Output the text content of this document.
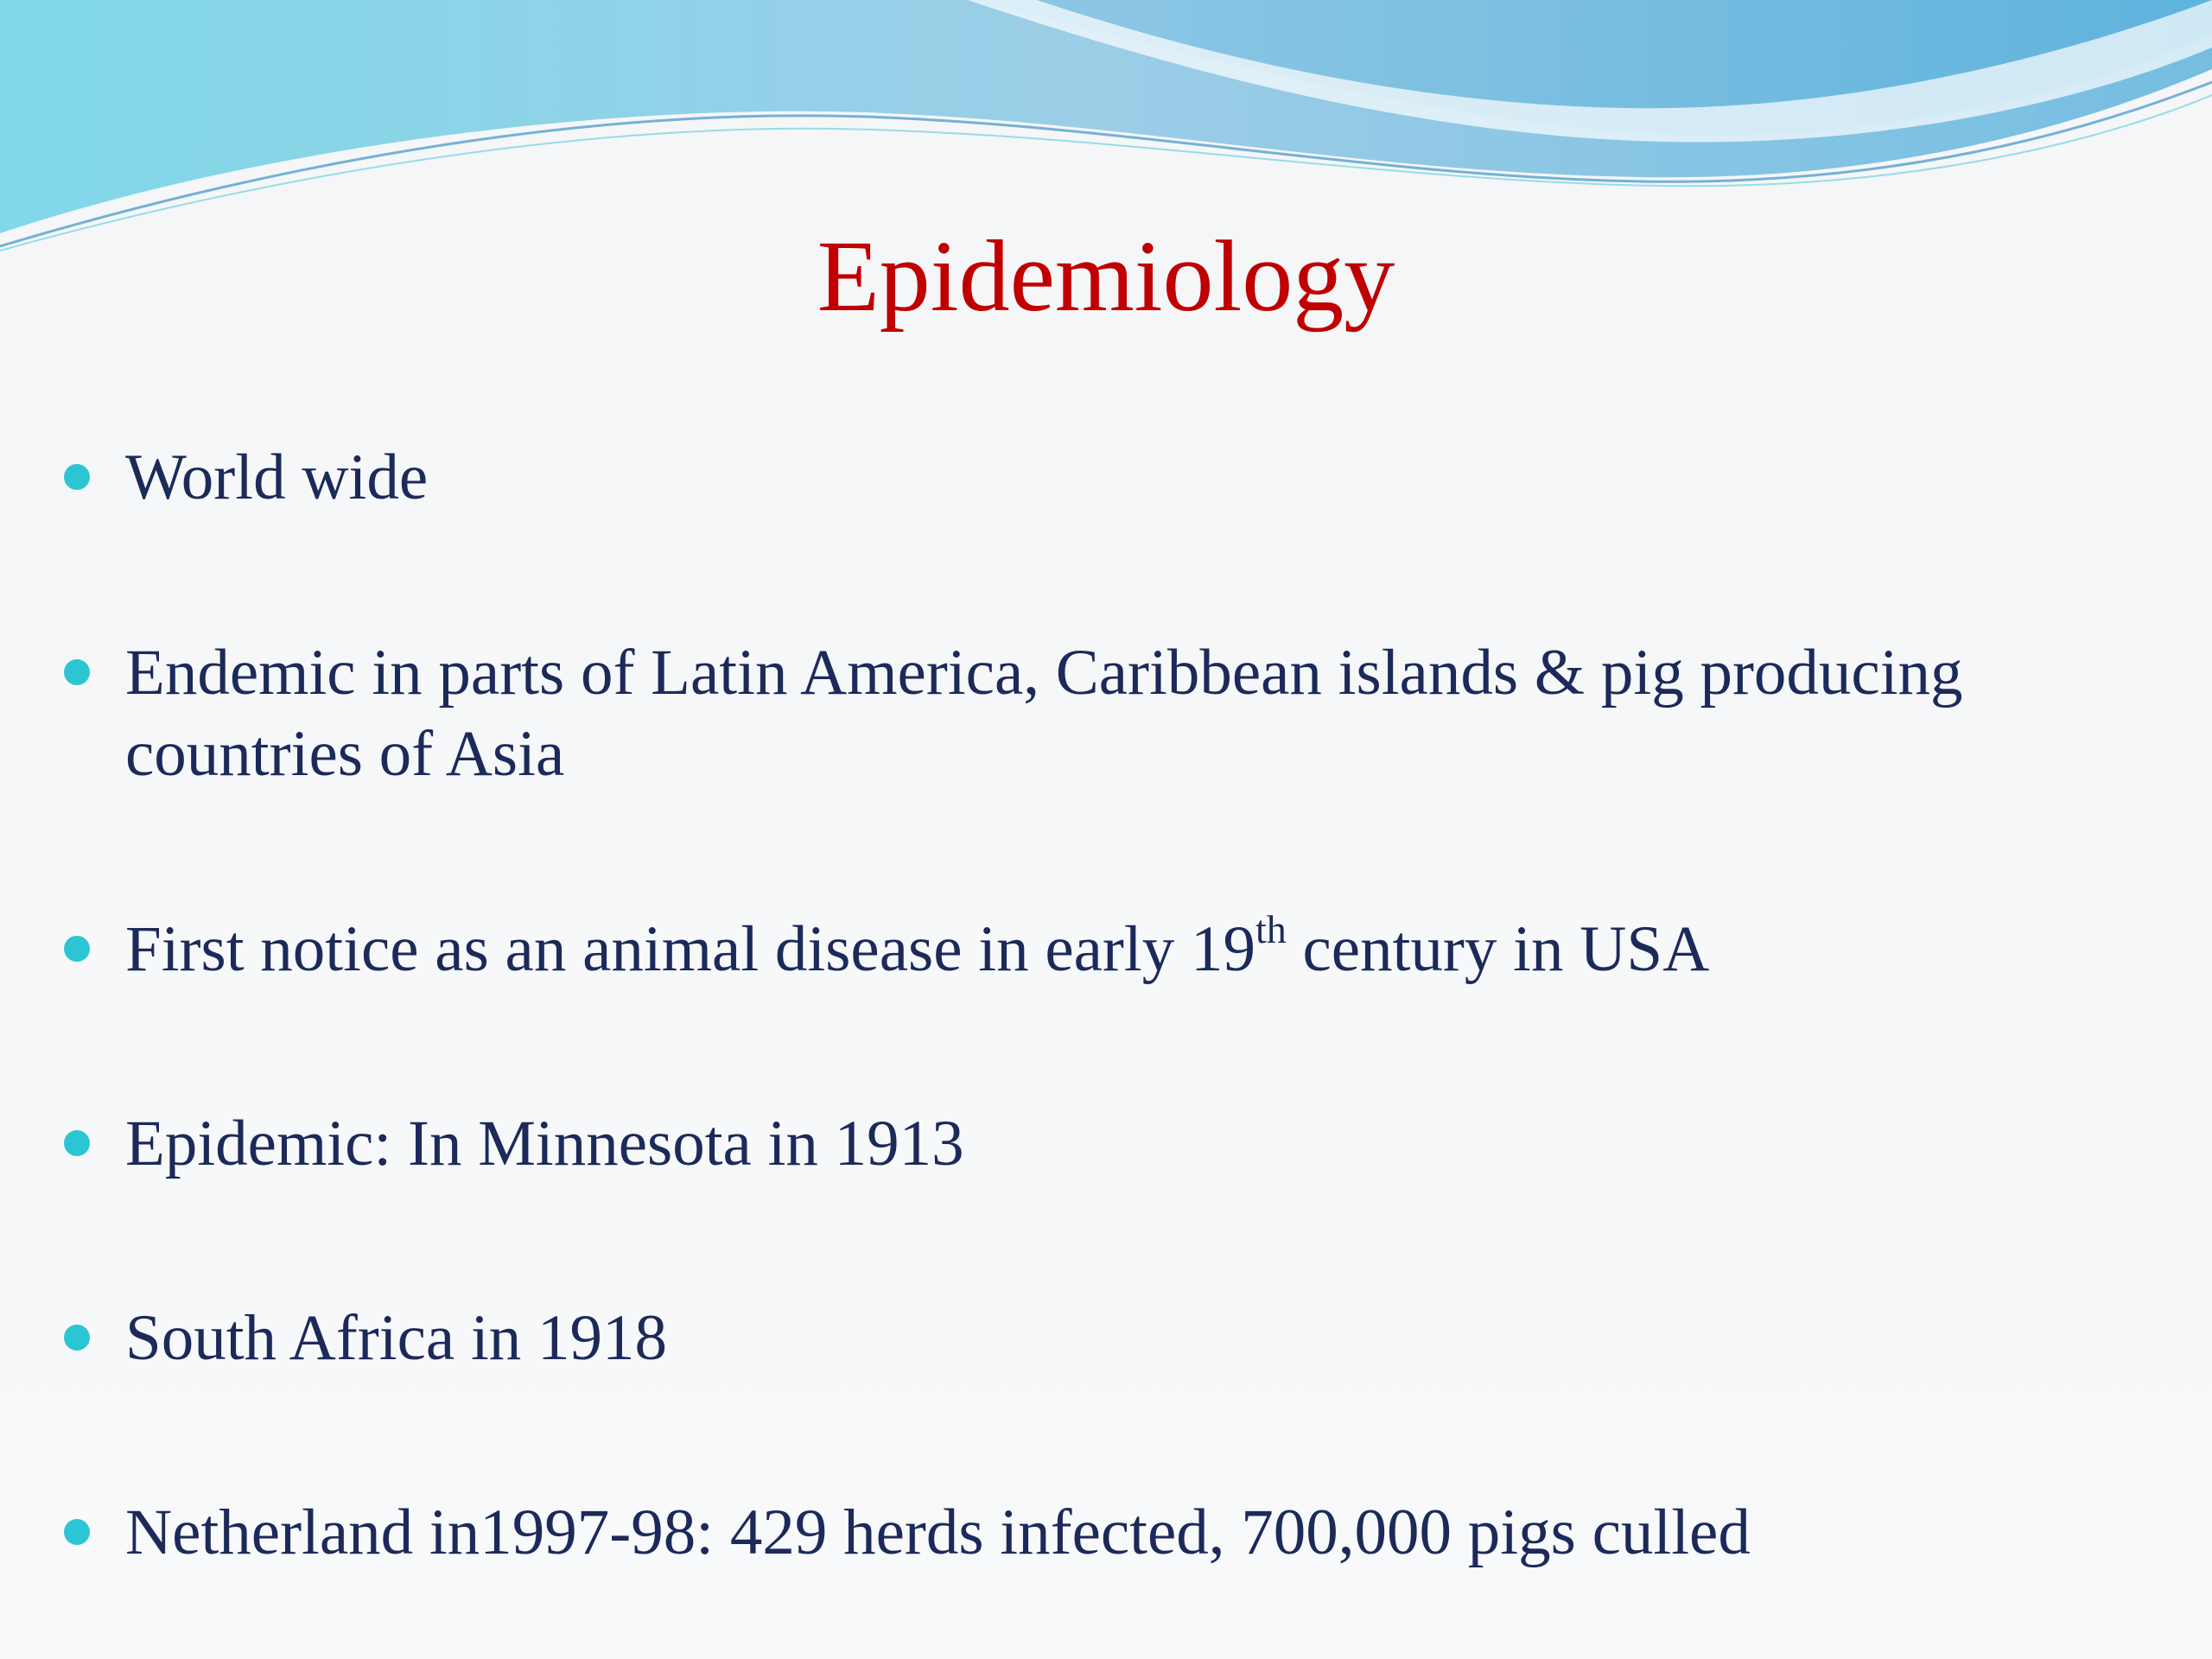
Epidemiology
World wide
Endemic in parts of Latin America, Caribbean islands & pig producing countries of Asia
First notice as an animal disease in early 19th century in USA
Epidemic: In Minnesota in 1913
South Africa in 1918
Netherland in1997-98: 429 herds infected, 700,000 pigs culled
